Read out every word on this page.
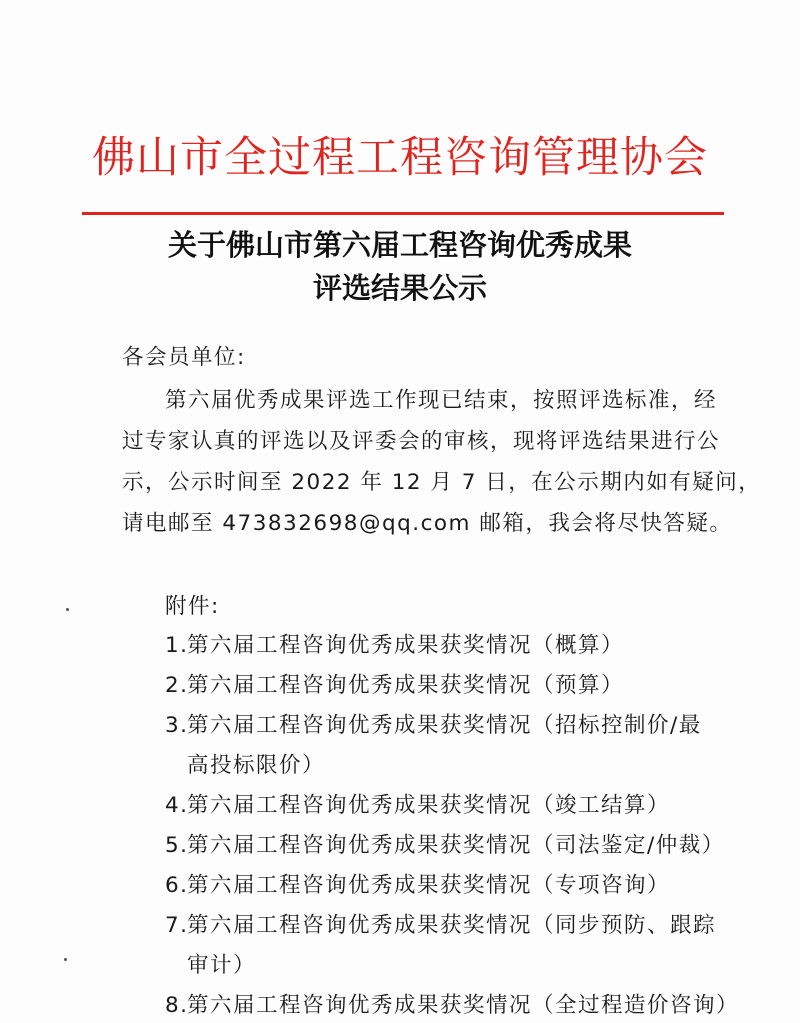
佛山市全过程工程咨询管理协会
关于佛山市第六届工程咨询优秀成果
评选结果公示
各会员单位:
第六届优秀成果评选工作现已结束，按照评选标准，经
过专家认真的评选以及评委会的审核，现将评选结果进行公
示，公示时间至 2022 年 12 月 7 日，在公示期内如有疑问，
请电邮至 473832698@qq.com 邮箱，我会将尽快答疑。
附件:
1.第六届工程咨询优秀成果获奖情况（概算）
2.第六届工程咨询优秀成果获奖情况（预算）
3.第六届工程咨询优秀成果获奖情况（招标控制价/最
高投标限价）
4.第六届工程咨询优秀成果获奖情况（竣工结算）
5.第六届工程咨询优秀成果获奖情况（司法鉴定/仲裁）
6.第六届工程咨询优秀成果获奖情况（专项咨询）
7.第六届工程咨询优秀成果获奖情况（同步预防、跟踪
审计）
8.第六届工程咨询优秀成果获奖情况（全过程造价咨询）
